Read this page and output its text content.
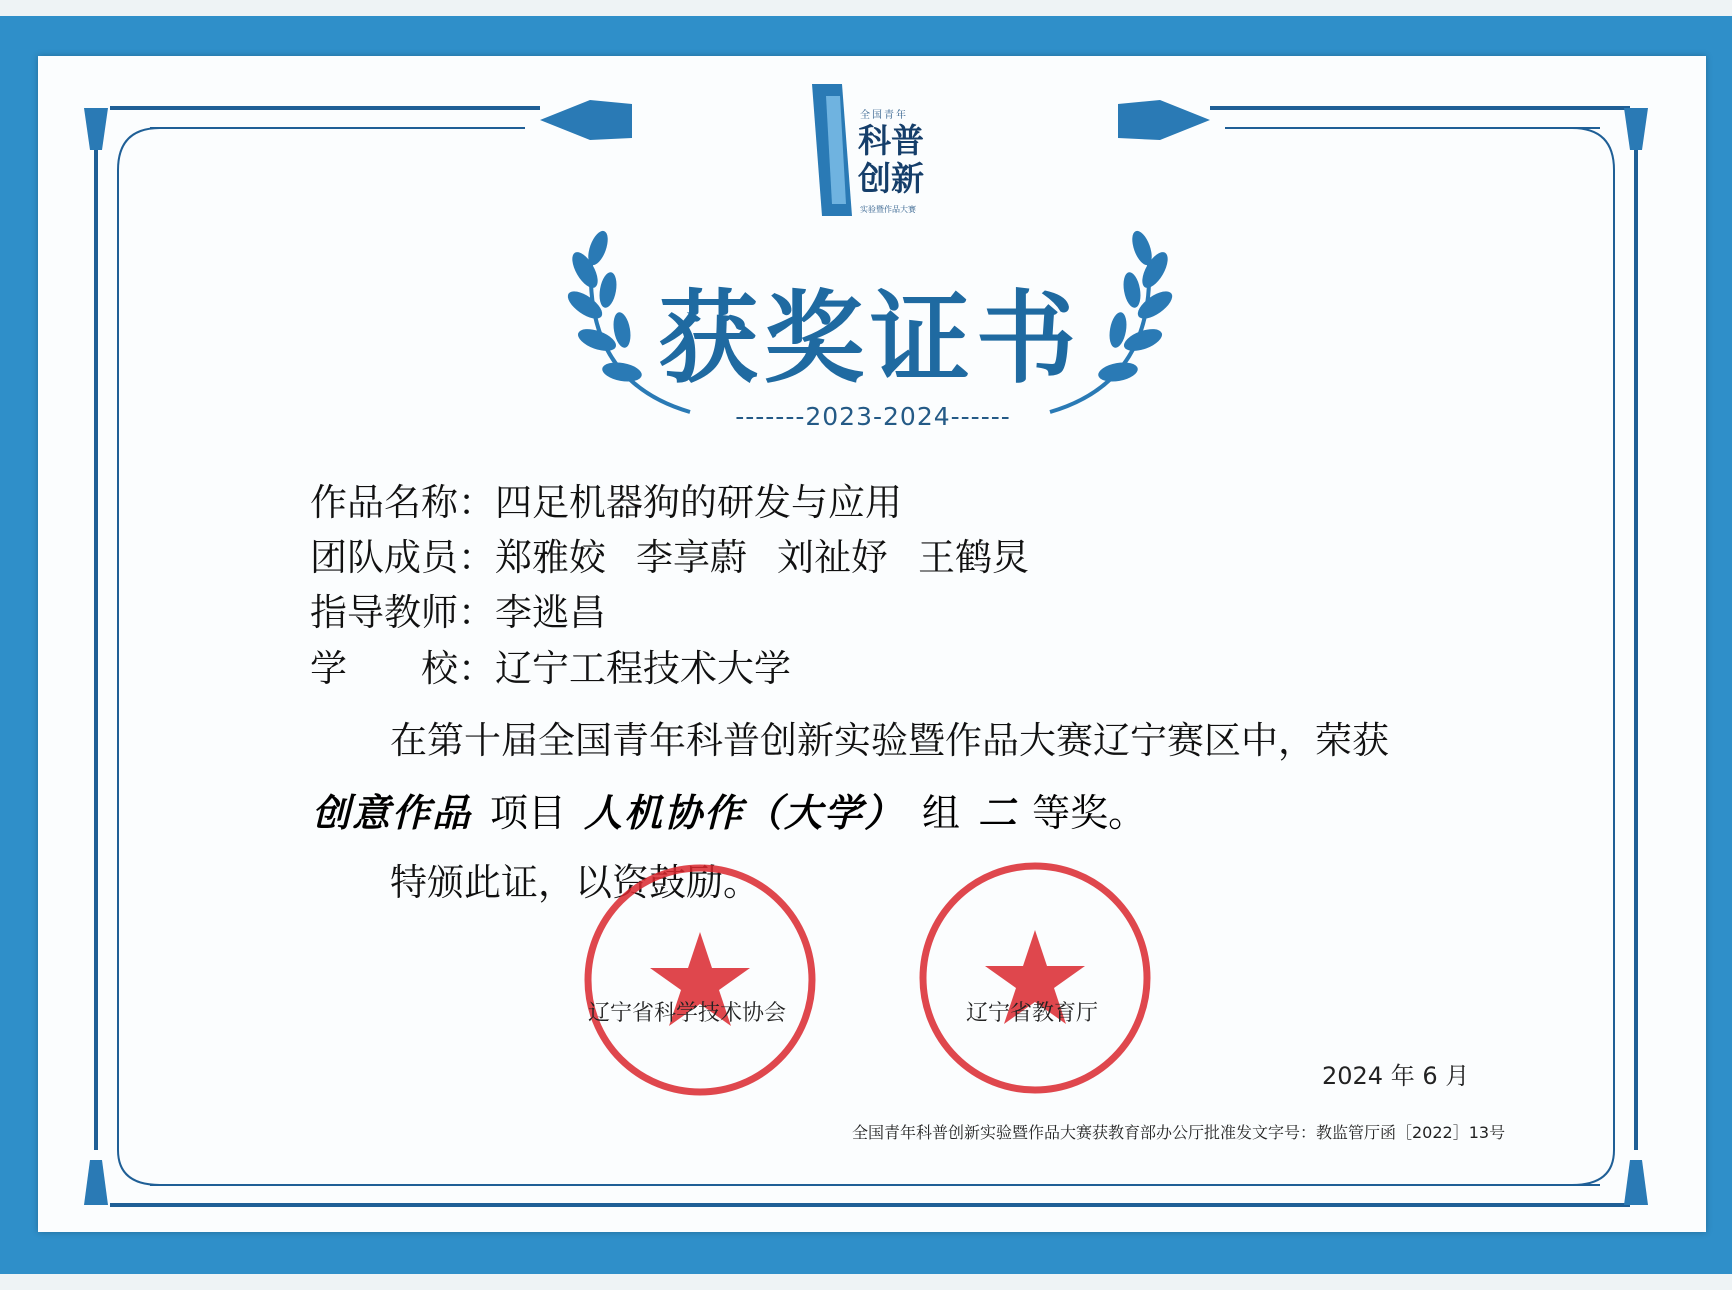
全国青年
科普创新
实验暨作品大赛
获奖证书
-------2023-2024------
作品名称：四足机器狗的研发与应用
团队成员：郑雅姣 李享蔚 刘祉妤 王鹤炅
指导教师：李逃昌
学　　校：辽宁工程技术大学
在第十届全国青年科普创新实验暨作品大赛辽宁赛区中，荣获
创意作品 项目 人机协作（大学） 组 二 等奖。
特颁此证，以资鼓励。
辽宁省科学技术协会	辽宁省教育厅
2024 年 6 月
全国青年科普创新实验暨作品大赛获教育部办公厅批准发文字号：教监管厅函［2022］13号
